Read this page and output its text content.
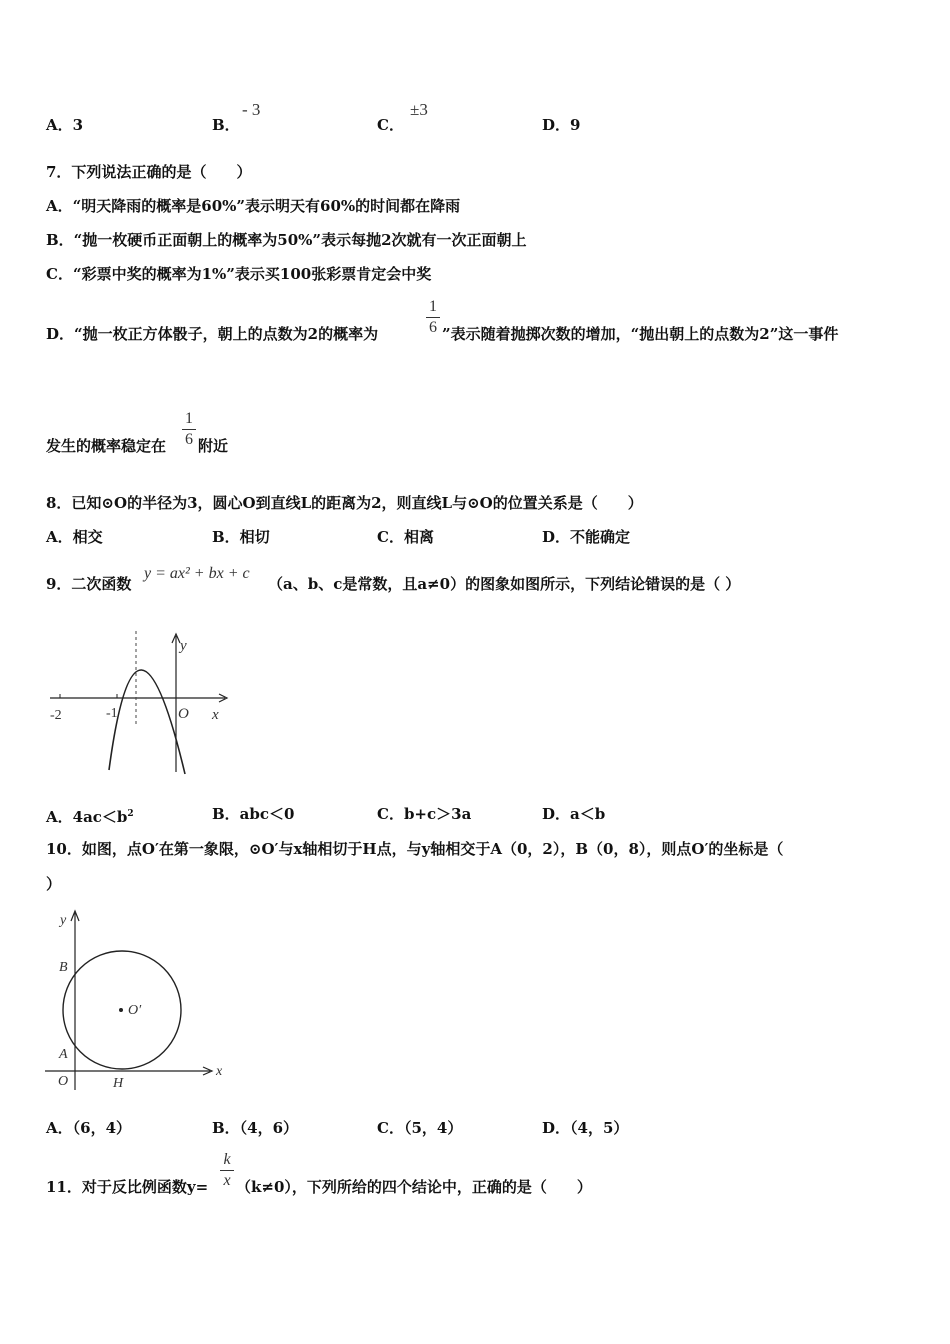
A．3	B．
- 3
C．
±3
D．9
7．下列说法正确的是（　　）
A．“明天降雨的概率是60%”表示明天有60%的时间都在降雨
B．“抛一枚硬币正面朝上的概率为50%”表示每抛2次就有一次正面朝上
C．“彩票中奖的概率为1%”表示买100张彩票肯定会中奖
D．“抛一枚正方体骰子，朝上的点数为2的概率为
1
6 ”表示随着抛掷次数的增加，“抛出朝上的点数为2”这一事件
发生的概率稳定在
1
6 附近
8．已知⊙O的半径为3，圆心O到直线L的距离为2，则直线L与⊙O的位置关系是（　　）
A．相交	B．相切	C．相离	D．不能确定
9．二次函数
y = ax² + bx + c
（a、b、c是常数，且a≠0）的图象如图所示，下列结论错误的是（ ）
-2	-1	O x
y
A．$4ac<b^2$	B．abc＜0	C．b+c＞3a	D．a＜b
10．如图，点O′在第一象限，⊙O′与x轴相切于H点，与y轴相交于A（0，2），B（0，8），则点O′的坐标是（
）
O′
y
x
B
A
O	H
A．（6，4）	B．（4，6）	C．（5，4）	D．（4，5）
11．对于反比例函数y=
k
x （k≠0），下列所给的四个结论中，正确的是（　　）
